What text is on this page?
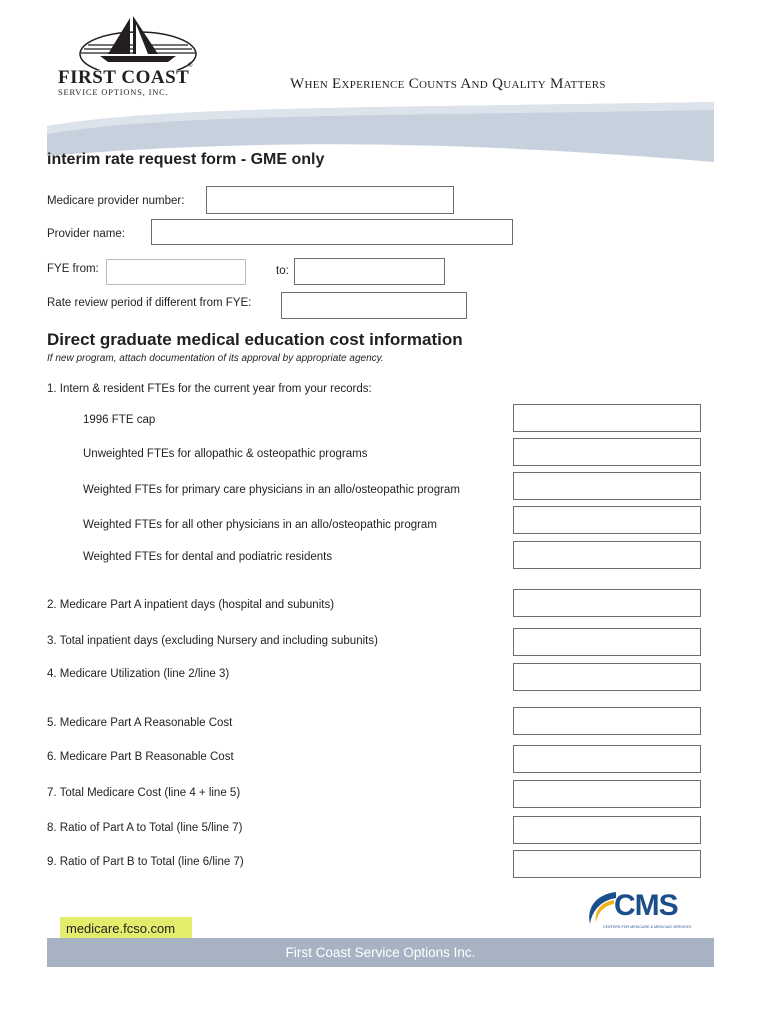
FIRST COAST
®
SERVICE OPTIONS, INC.	When Experience Counts And Quality Matters
interim rate request form - GME only
Medicare provider number:
Provider name:
FYE from:	to:
Rate review period if different from FYE:
Direct graduate medical education cost information
If new program, attach documentation of its approval by appropriate agency.
1. Intern & resident FTEs for the current year from your records:
1996 FTE cap
Unweighted FTEs for allopathic & osteopathic programs
Weighted FTEs for primary care physicians in an allo/osteopathic program
Weighted FTEs for all other physicians in an allo/osteopathic program
Weighted FTEs for dental and podiatric residents
2. Medicare Part A inpatient days (hospital and subunits)
3. Total inpatient days (excluding Nursery and including subunits)
4. Medicare Utilization (line 2/line 3)
5. Medicare Part A Reasonable Cost
6. Medicare Part B Reasonable Cost
7. Total Medicare Cost (line 4 + line 5)
8. Ratio of Part A to Total (line 5/line 7)
9. Ratio of Part B to Total (line 6/line 7)
medicare.fcso.com
CMS
CENTERS FOR MEDICARE & MEDICAID SERVICES
First Coast Service Options Inc.
